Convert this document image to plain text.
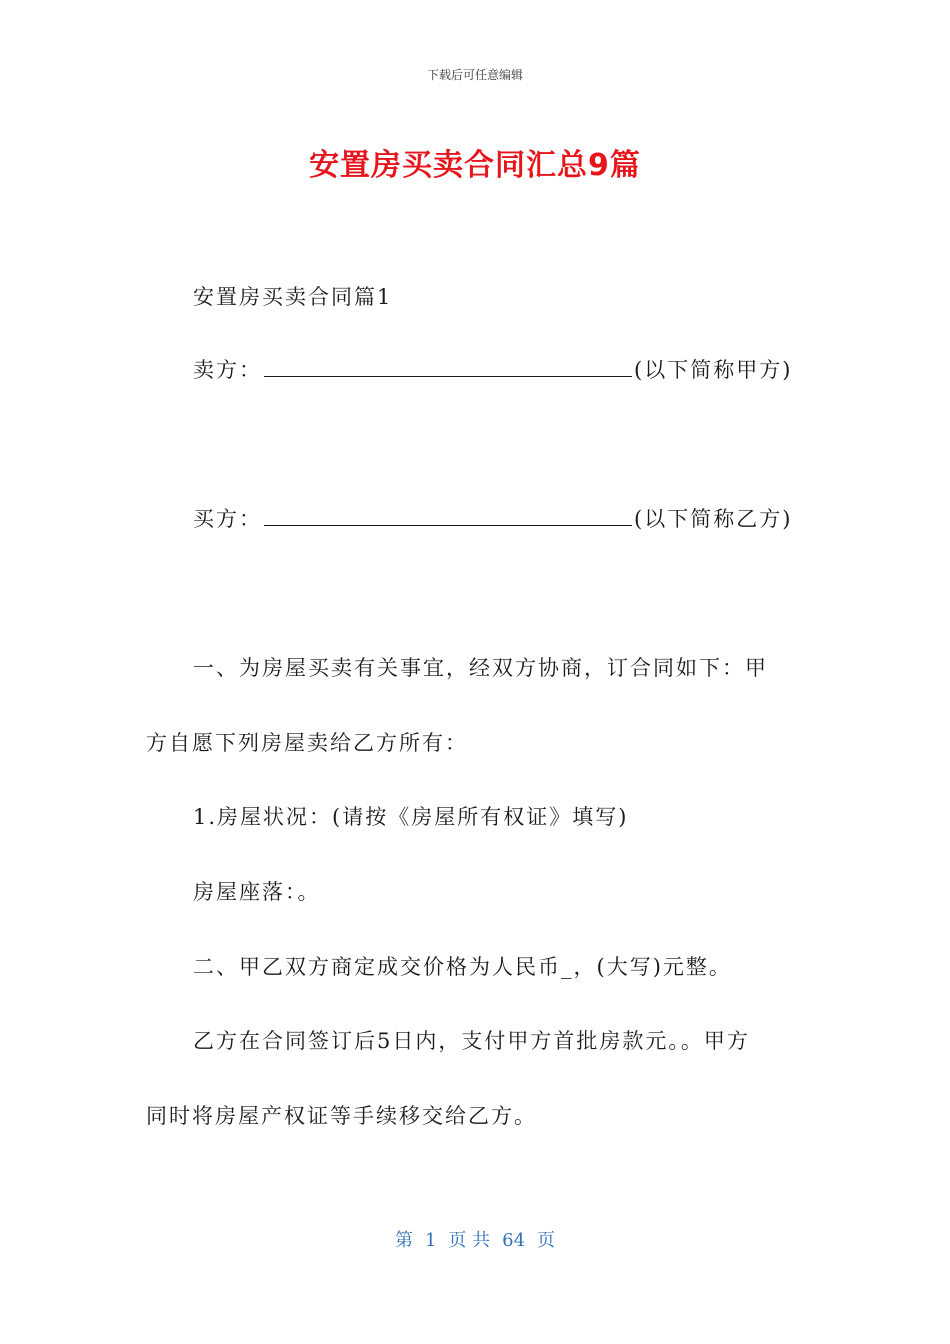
下载后可任意编辑
安置房买卖合同汇总9篇
安置房买卖合同篇1
卖方：	(以下简称甲方)
买方：	(以下简称乙方)
一、为房屋买卖有关事宜，经双方协商，订合同如下：甲
方自愿下列房屋卖给乙方所有：
1.房屋状况：(请按《房屋所有权证》填写)
房屋座落：。
二、甲乙双方商定成交价格为人民币_，(大写)元整。
乙方在合同签订后5日内，支付甲方首批房款元。。甲方
同时将房屋产权证等手续移交给乙方。
第 1 页 共 64 页
